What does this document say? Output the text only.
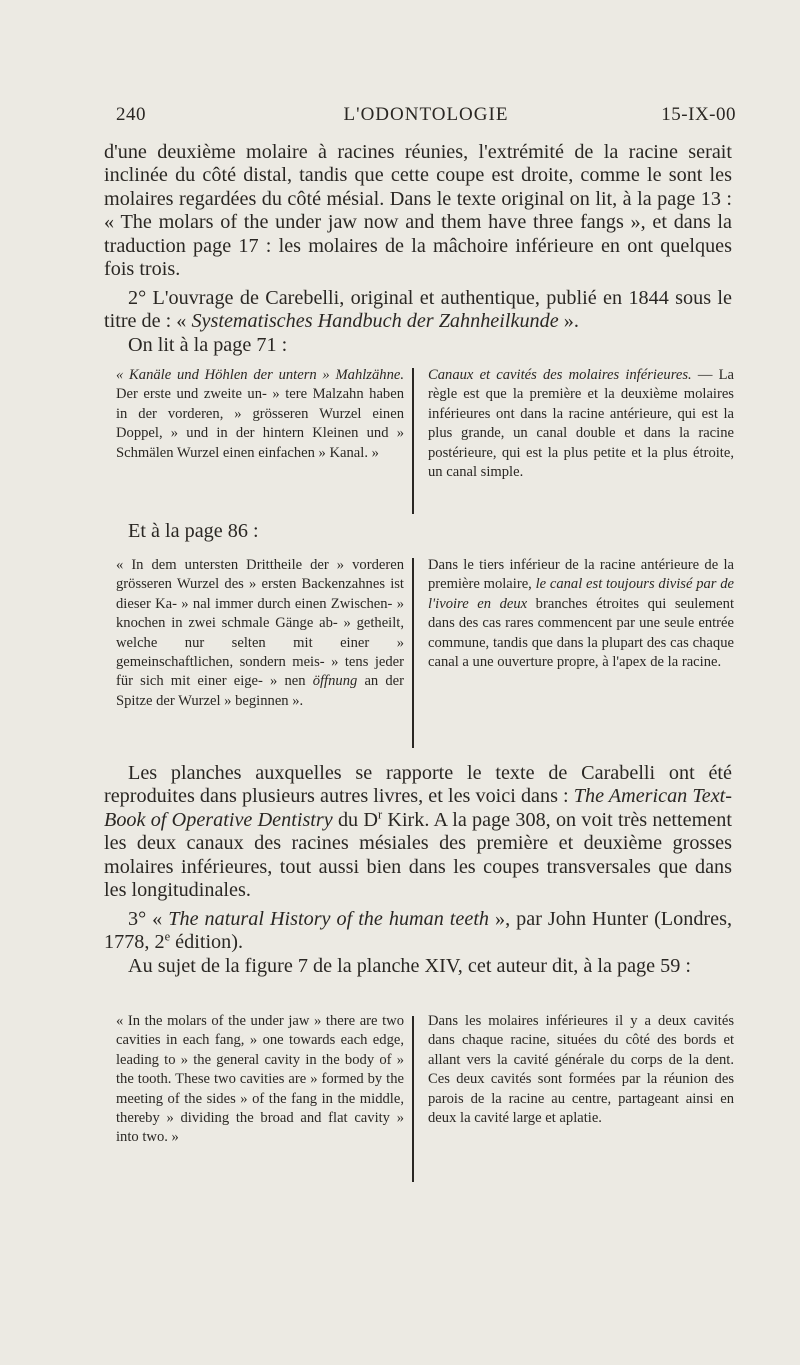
240	L'ODONTOLOGIE	15-IX-00

d'une deuxième molaire à racines réunies, l'extrémité de la racine serait inclinée du côté distal, tandis que cette coupe est droite, comme le sont les molaires regardées du côté mésial. Dans le texte original on lit, à la page 13 : « The molars of the under jaw now and them have three fangs », et dans la traduction page 17 : les molaires de la mâchoire inférieure en ont quelques fois trois.

2° L'ouvrage de Carebelli, original et authentique, publié en 1844 sous le titre de : « Systematisches Handbuch der Zahnheilkunde ».

On lit à la page 71 :

« Kanäle und Höhlen der untern » Mahlzähne. Der erste und zweite un- » tere Malzahn haben in der vorderen, » grösseren Wurzel einen Doppel, » und in der hintern Kleinen und » Schmälen Wurzel einen einfachen » Kanal. »

Canaux et cavités des molaires inférieures. — La règle est que la première et la deuxième molaires inférieures ont dans la racine antérieure, qui est la plus grande, un canal double et dans la racine postérieure, qui est la plus petite et la plus étroite, un canal simple.

Et à la page 86 :

« In dem untersten Drittheile der » vorderen grösseren Wurzel des » ersten Backenzahnes ist dieser Ka- » nal immer durch einen Zwischen- » knochen in zwei schmale Gänge ab- » getheilt, welche nur selten mit einer » gemeinschaftlichen, sondern meis- » tens jeder für sich mit einer eige- » nen öffnung an der Spitze der Wurzel » beginnen ».

Dans le tiers inférieur de la racine antérieure de la première molaire, le canal est toujours divisé par de l'ivoire en deux branches étroites qui seulement dans des cas rares commencent par une seule entrée commune, tandis que dans la plupart des cas chaque canal a une ouverture propre, à l'apex de la racine.

Les planches auxquelles se rapporte le texte de Carabelli ont été reproduites dans plusieurs autres livres, et les voici dans : The American Text-Book of Operative Dentistry du $D^r$ Kirk. A la page 308, on voit très nettement les deux canaux des racines mésiales des première et deuxième grosses molaires inférieures, tout aussi bien dans les coupes transversales que dans les longitudinales.

3° « The natural History of the human teeth », par John Hunter (Londres, 1778, 2e édition).

Au sujet de la figure 7 de la planche XIV, cet auteur dit, à la page 59 :

« In the molars of the under jaw » there are two cavities in each fang, » one towards each edge, leading to » the general cavity in the body of » the tooth. These two cavities are » formed by the meeting of the sides » of the fang in the middle, thereby » dividing the broad and flat cavity » into two. »

Dans les molaires inférieures il y a deux cavités dans chaque racine, situées du côté des bords et allant vers la cavité générale du corps de la dent. Ces deux cavités sont formées par la réunion des parois de la racine au centre, partageant ainsi en deux la cavité large et aplatie.
